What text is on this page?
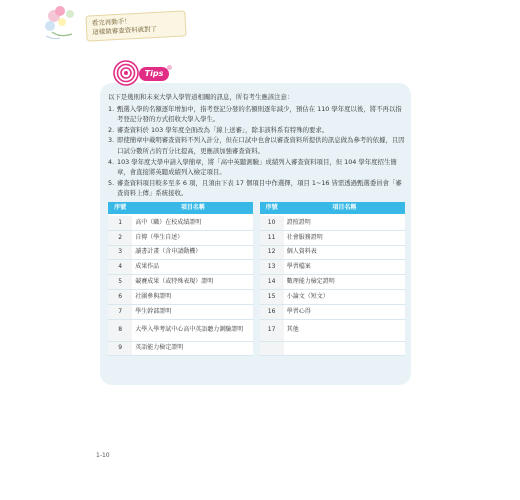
看完再動手！
這樣做審查資料就對了
Tips

以下是幾則和未來大學入學管道相關的訊息，所有考生應該注意：

1. 甄選入學的名額逐年增加中，指考登記分發的名額則逐年減少，預估在 110 學年度以後，將不再以指考登記分發的方式招收大學入學生。
2. 審查資料於 103 學年度全面改為「線上送審」，除非該科系有特殊的要求。
3. 即使簡章中載明審查資料不列入計分，但在口試中也會以審查資料所提供的訊息做為參考的依據，且因口試分數所占的百分比提高，更應該加強審查資料。
4. 103 學年度大學申請入學簡章，將「高中英聽測驗」成績列入審查資料項目，但 104 學年度招生簡章，會直接將英聽成績列入檢定項目。
5. 審查資料項目較多至多 6 項，且須由下表 17 個項目中作選擇，項目 1~16 皆需透過甄選委員會「審查資料上傳」系統接收。
序號	項目名稱		序號	項目名稱
1	高中（職）在校成績證明		10	證照證明
2	自傳（學生自述）		11	社會服務證明
3	讀書計畫（含申請動機）		12	個人資料表
4	成果作品		13	學習檔案
5	競賽成果（或特殊表現）證明		14	數理能力檢定證明
6	社團參與證明		15	小論文（短文）
7	學生幹部證明		16	學習心得
8	大學入學考試中心高中英語聽力測驗證明		17	其他
9	英語能力檢定證明			
1-10
